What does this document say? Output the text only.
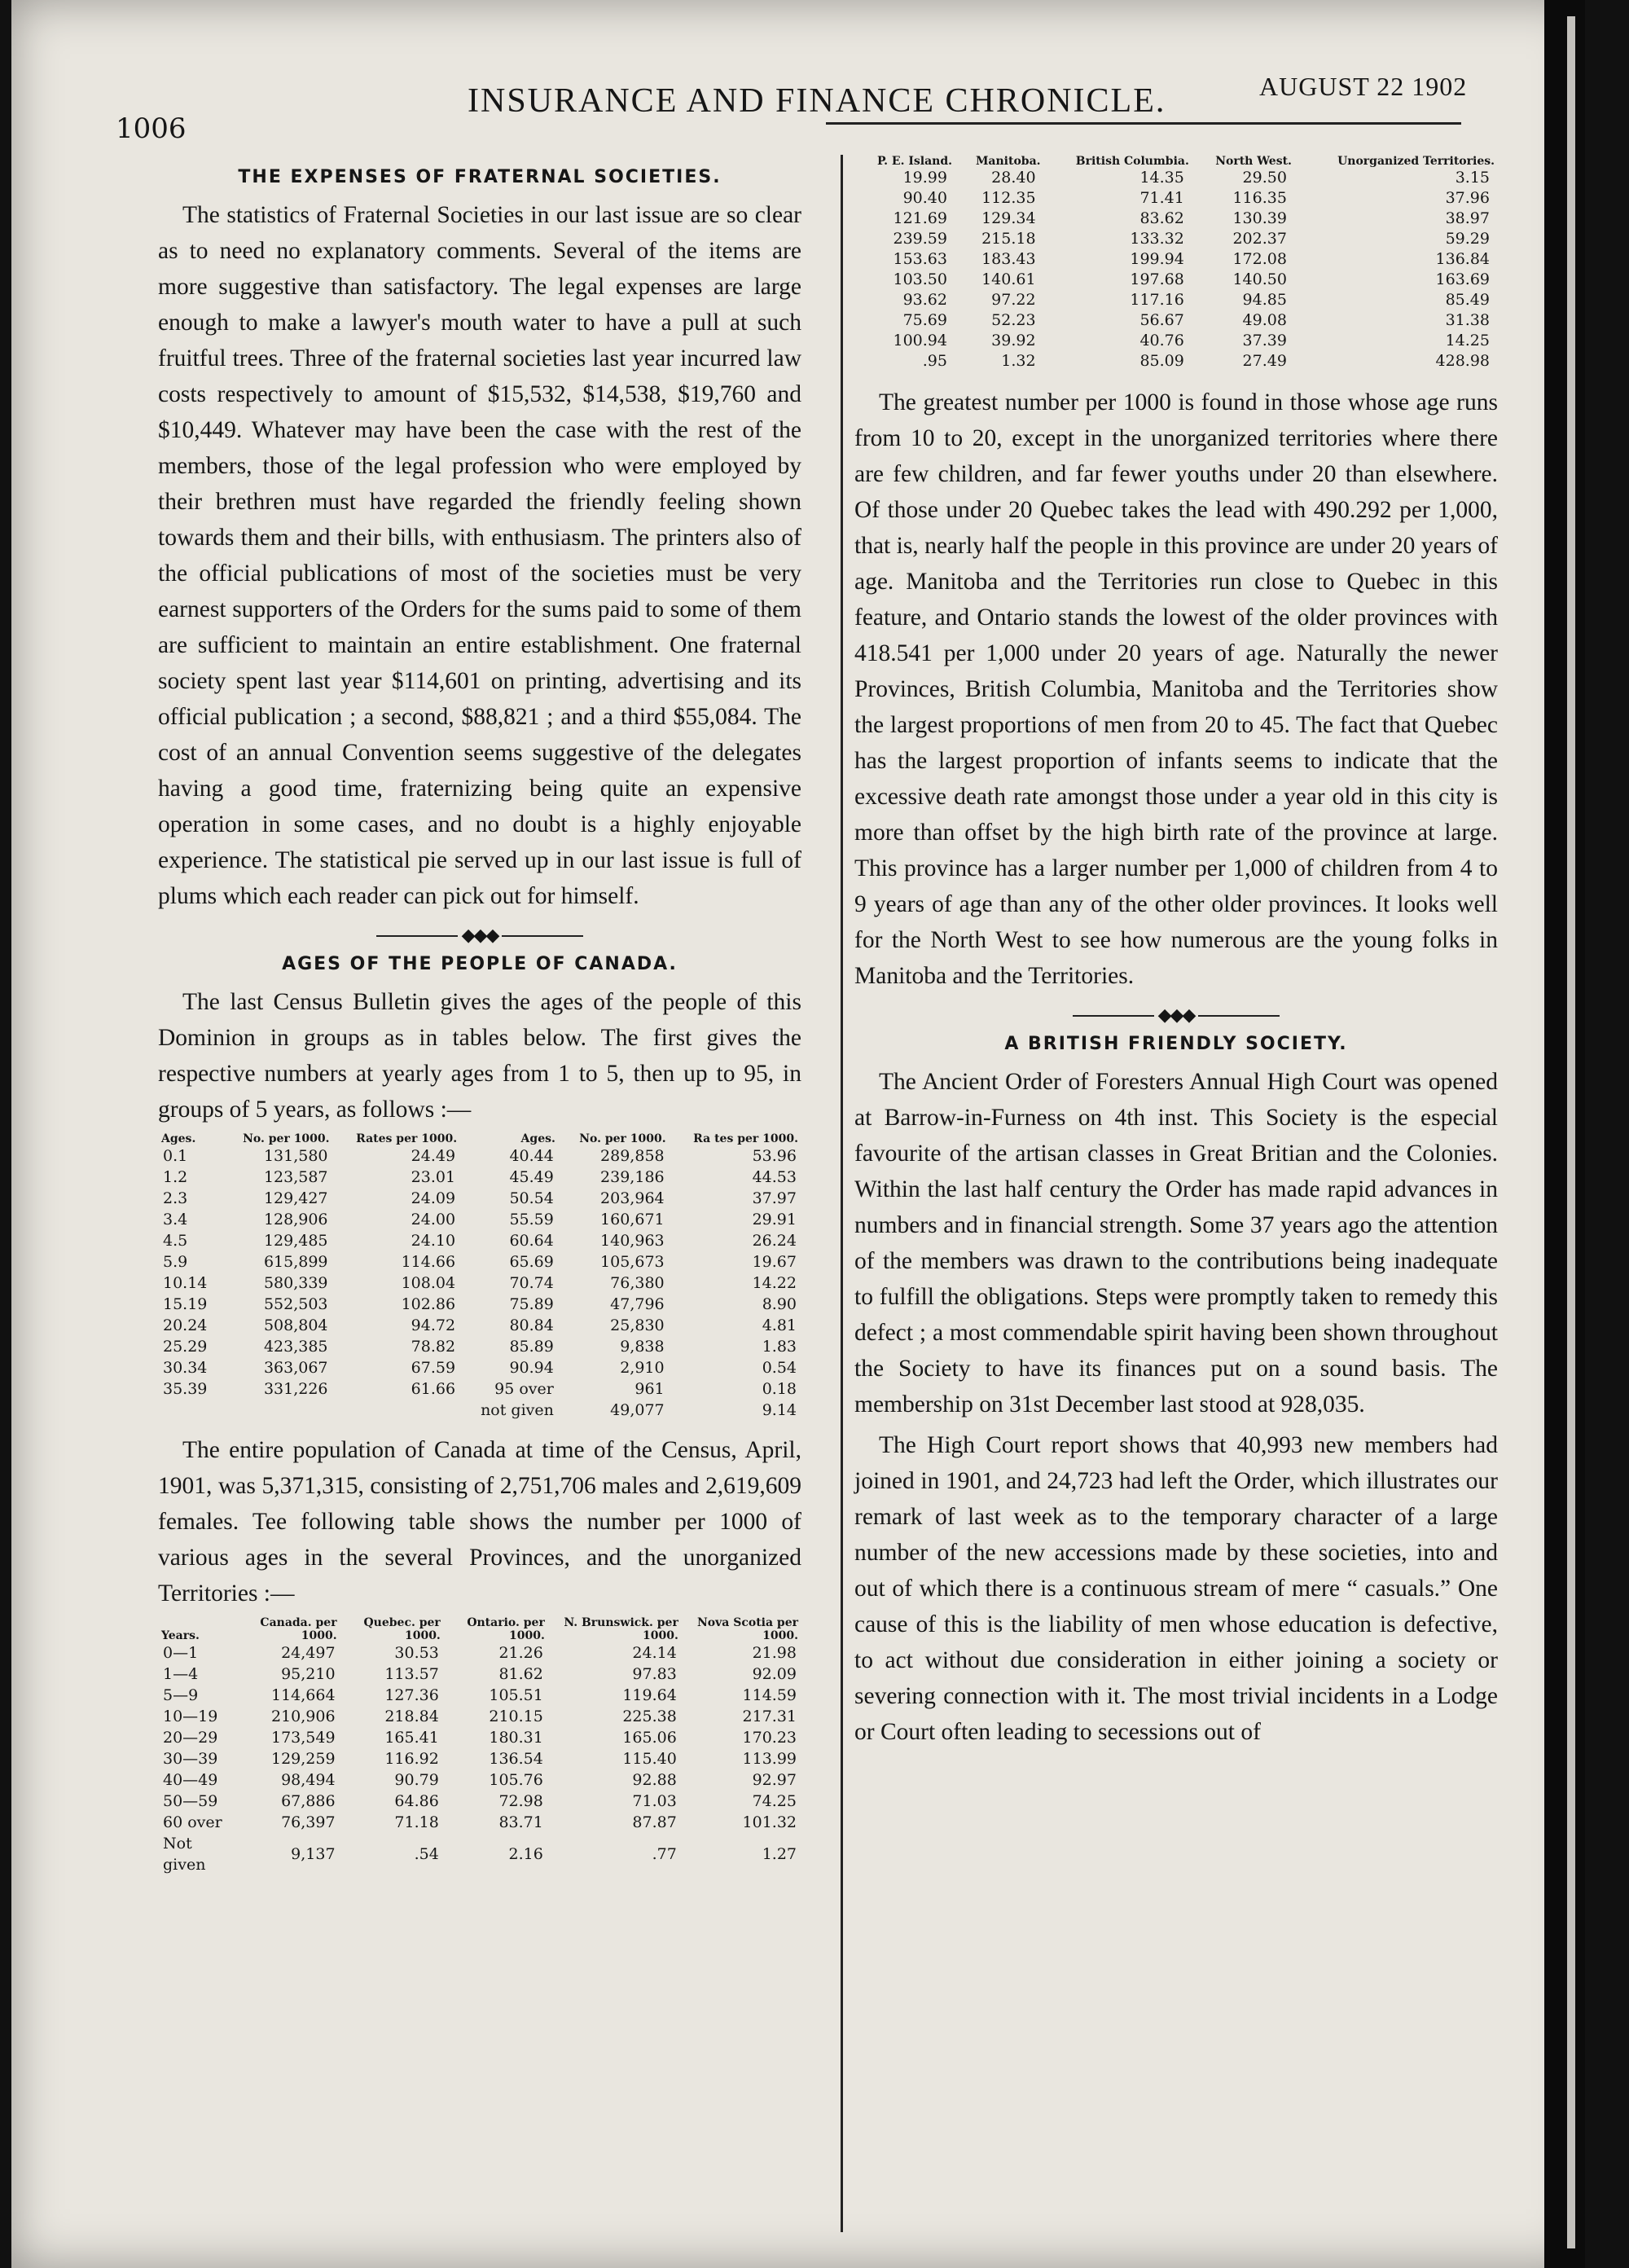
1006
INSURANCE AND FINANCE CHRONICLE.	AUGUST 22 1902
THE EXPENSES OF FRATERNAL SOCIETIES.

The statistics of Fraternal Societies in our last issue are so clear as to need no explanatory comments. Several of the items are more suggestive than satisfactory. The legal expenses are large enough to make a lawyer's mouth water to have a pull at such fruitful trees. Three of the fraternal societies last year incurred law costs respectively to amount of $15,532, $14,538, $19,760 and $10,449. Whatever may have been the case with the rest of the members, those of the legal profession who were employed by their brethren must have regarded the friendly feeling shown towards them and their bills, with enthusiasm. The printers also of the official publications of most of the societies must be very earnest supporters of the Orders for the sums paid to some of them are sufficient to maintain an entire establishment. One fraternal society spent last year $114,601 on printing, advertising and its official publication ; a second, $88,821 ; and a third $55,084. The cost of an annual Convention seems suggestive of the delegates having a good time, fraternizing being quite an expensive operation in some cases, and no doubt is a highly enjoyable experience. The statistical pie served up in our last issue is full of plums which each reader can pick out for himself.

◆◆◆
AGES OF THE PEOPLE OF CANADA.

The last Census Bulletin gives the ages of the people of this Dominion in groups as in tables below. The first gives the respective numbers at yearly ages from 1 to 5, then up to 95, in groups of 5 years, as follows :—

Ages.	No. per 1000.	Rates per 1000.	Ages.	No. per 1000.	Ra tes per 1000.
0.1	131,580	24.49	40.44	289,858	53.96
1.2	123,587	23.01	45.49	239,186	44.53
2.3	129,427	24.09	50.54	203,964	37.97
3.4	128,906	24.00	55.59	160,671	29.91
4.5	129,485	24.10	60.64	140,963	26.24
5.9	615,899	114.66	65.69	105,673	19.67
10.14	580,339	108.04	70.74	76,380	14.22
15.19	552,503	102.86	75.89	47,796	8.90
20.24	508,804	94.72	80.84	25,830	4.81
25.29	423,385	78.82	85.89	9,838	1.83
30.34	363,067	67.59	90.94	2,910	0.54
35.39	331,226	61.66	95 over	961	0.18
			not given	49,077	9.14

The entire population of Canada at time of the Census, April, 1901, was 5,371,315, consisting of 2,751,706 males and 2,619,609 females. Tee following table shows the number per 1000 of various ages in the several Provinces, and the unorganized Territories :—

Years.	Canada. per 1000.	Quebec. per 1000.	Ontario. per 1000.	N. Brunswick. per 1000.	Nova Scotia per 1000.
0—1	24,497	30.53	21.26	24.14	21.98
1—4	95,210	113.57	81.62	97.83	92.09
5—9	114,664	127.36	105.51	119.64	114.59
10—19	210,906	218.84	210.15	225.38	217.31
20—29	173,549	165.41	180.31	165.06	170.23
30—39	129,259	116.92	136.54	115.40	113.99
40—49	98,494	90.79	105.76	92.88	92.97
50—59	67,886	64.86	72.98	71.03	74.25
60 over	76,397	71.18	83.71	87.87	101.32
Not given	9,137	.54	2.16	.77	1.27
P. E. Island.	Manitoba.	British Columbia.	North West.	Unorganized Territories.
19.99	28.40	14.35	29.50	3.15
90.40	112.35	71.41	116.35	37.96
121.69	129.34	83.62	130.39	38.97
239.59	215.18	133.32	202.37	59.29
153.63	183.43	199.94	172.08	136.84
103.50	140.61	197.68	140.50	163.69
93.62	97.22	117.16	94.85	85.49
75.69	52.23	56.67	49.08	31.38
100.94	39.92	40.76	37.39	14.25
.95	1.32	85.09	27.49	428.98

The greatest number per 1000 is found in those whose age runs from 10 to 20, except in the unorganized territories where there are few children, and far fewer youths under 20 than elsewhere. Of those under 20 Quebec takes the lead with 490.292 per 1,000, that is, nearly half the people in this province are under 20 years of age. Manitoba and the Territories run close to Quebec in this feature, and Ontario stands the lowest of the older provinces with 418.541 per 1,000 under 20 years of age. Naturally the newer Provinces, British Columbia, Manitoba and the Territories show the largest proportions of men from 20 to 45. The fact that Quebec has the largest proportion of infants seems to indicate that the excessive death rate amongst those under a year old in this city is more than offset by the high birth rate of the province at large. This province has a larger number per 1,000 of children from 4 to 9 years of age than any of the other older provinces. It looks well for the North West to see how numerous are the young folks in Manitoba and the Territories.

◆◆◆
A BRITISH FRIENDLY SOCIETY.

The Ancient Order of Foresters Annual High Court was opened at Barrow-in-Furness on 4th inst. This Society is the especial favourite of the artisan classes in Great Britian and the Colonies. Within the last half century the Order has made rapid advances in numbers and in financial strength. Some 37 years ago the attention of the members was drawn to the contributions being inadequate to fulfill the obligations. Steps were promptly taken to remedy this defect ; a most commendable spirit having been shown throughout the Society to have its finances put on a sound basis. The membership on 31st December last stood at 928,035.

The High Court report shows that 40,993 new members had joined in 1901, and 24,723 had left the Order, which illustrates our remark of last week as to the temporary character of a large number of the new accessions made by these societies, into and out of which there is a continuous stream of mere “ casuals.” One cause of this is the liability of men whose education is defective, to act without due consideration in either joining a society or severing connection with it. The most trivial incidents in a Lodge or Court often leading to secessions out of
